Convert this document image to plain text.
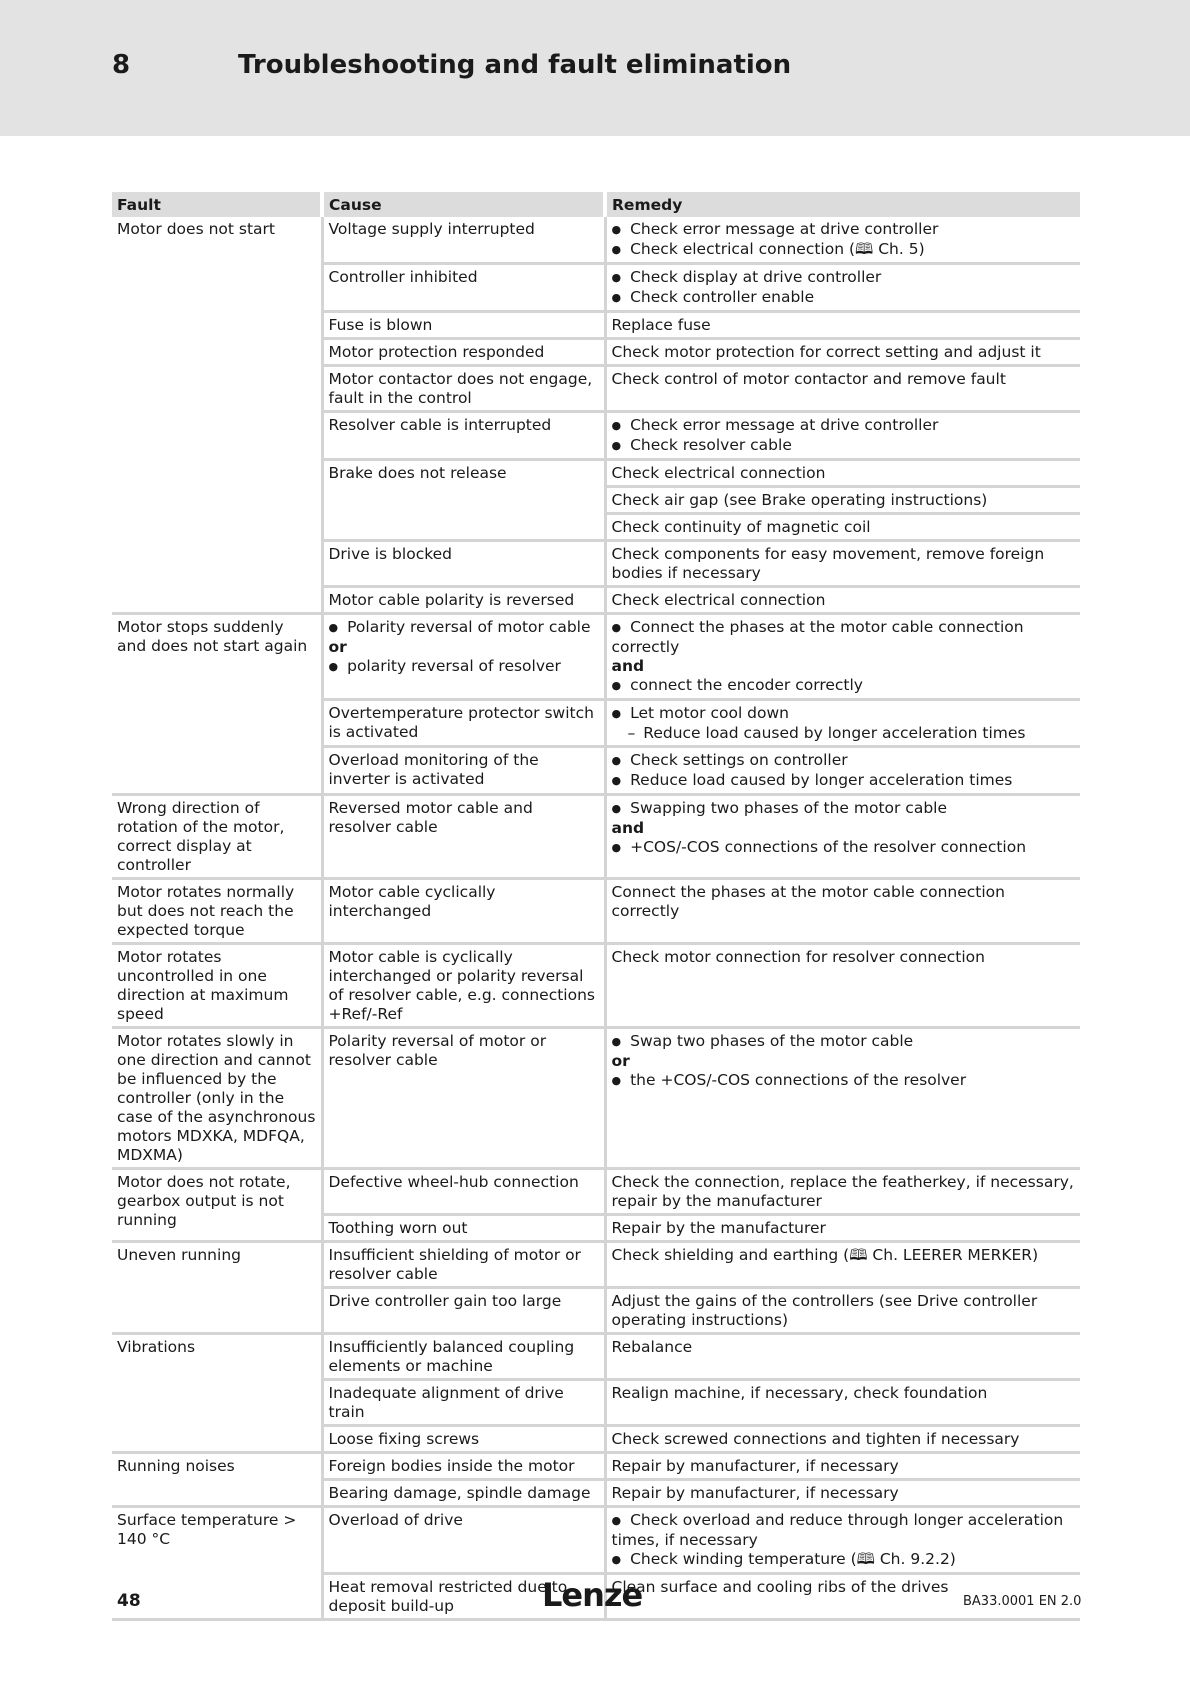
8	Troubleshooting and fault elimination
Fault	Cause	Remedy
Motor does not start	Voltage supply interrupted	● Check error message at drive controller
● Check electrical connection (🕮 Ch. 5)

	Controller inhibited	● Check display at drive controller
● Check controller enable

	Fuse is blown	Replace fuse

	Motor protection responded	Check motor protection for correct setting and adjust it

	Motor contactor does not engage, fault in the control	Check control of motor contactor and remove fault

	Resolver cable is interrupted	● Check error message at drive controller
● Check resolver cable

	Brake does not release	Check electrical connection

		Check air gap (see Brake operating instructions)

		Check continuity of magnetic coil

	Drive is blocked	Check components for easy movement, remove foreign bodies if necessary

	Motor cable polarity is reversed	Check electrical connection

Motor stops suddenly and does not start again	● Polarity reversal of motor cable
or
● polarity reversal of resolver	● Connect the phases at the motor cable connection correctly
and
● connect the encoder correctly

	Overtemperature protector switch is activated	● Let motor cool down
– Reduce load caused by longer acceleration times

	Overload monitoring of the inverter is activated	● Check settings on controller
● Reduce load caused by longer acceleration times

Wrong direction of rotation of the motor, correct display at controller	Reversed motor cable and resolver cable	● Swapping two phases of the motor cable
and
● +COS/-COS connections of the resolver connection

Motor rotates normally but does not reach the expected torque	Motor cable cyclically interchanged	Connect the phases at the motor cable connection correctly

Motor rotates uncontrolled in one direction at maximum speed	Motor cable is cyclically interchanged or polarity reversal of resolver cable, e.g. connections +Ref/-Ref	Check motor connection for resolver connection

Motor rotates slowly in one direction and cannot be influenced by the controller (only in the case of the asynchronous motors MDXKA, MDFQA, MDXMA)	Polarity reversal of motor or resolver cable	● Swap two phases of the motor cable
or
● the +COS/-COS connections of the resolver

Motor does not rotate, gearbox output is not running	Defective wheel-hub connection	Check the connection, replace the featherkey, if necessary, repair by the manufacturer

	Toothing worn out	Repair by the manufacturer

Uneven running	Insufficient shielding of motor or resolver cable	Check shielding and earthing (🕮 Ch. LEERER MERKER)

	Drive controller gain too large	Adjust the gains of the controllers (see Drive controller operating instructions)

Vibrations	Insufficiently balanced coupling elements or machine	Rebalance

	Inadequate alignment of drive train	Realign machine, if necessary, check foundation

	Loose fixing screws	Check screwed connections and tighten if necessary

Running noises	Foreign bodies inside the motor	Repair by manufacturer, if necessary

	Bearing damage, spindle damage	Repair by manufacturer, if necessary

Surface temperature > 140 °C	Overload of drive	● Check overload and reduce through longer acceleration times, if necessary
● Check winding temperature (🕮 Ch. 9.2.2)

	Heat removal restricted due to deposit build-up	Clean surface and cooling ribs of the drives
48	Lenze	BA33.0001 EN 2.0
